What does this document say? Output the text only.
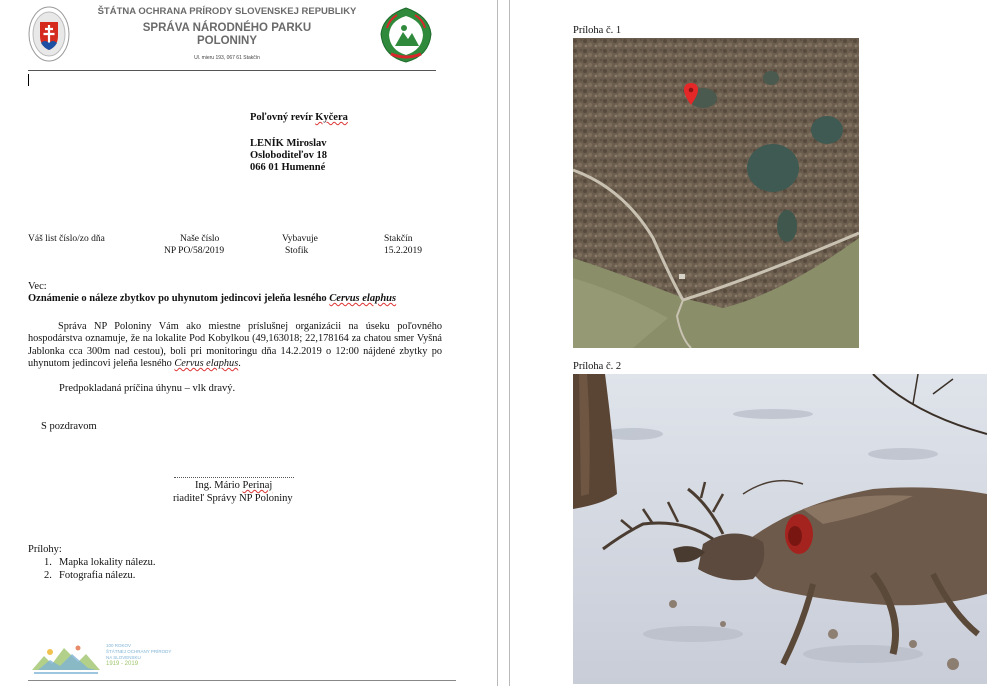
ŠTÁTNA OCHRANA PRÍRODY SLOVENSKEJ REPUBLIKY
SPRÁVA NÁRODNÉHO PARKU
POLONINY
Ul. mieru 193, 067 61 Stakčín
Poľovný revír Kyčera
LENÍK Miroslav
Osloboditeľov 18
066 01 Humenné
Váš list číslo/zo dňa	Naše číslo
NP PO/58/2019
Vybavuje
Stofik
Stakčín
15.2.2019
Vec:
Oznámenie o náleze zbytkov po uhynutom jedincovi jeleňa lesného Cervus elaphus
Správa NP Poloniny Vám ako miestne príslušnej organizácii na úseku poľovného hospodárstva oznamuje, že na lokalite Pod Kobylkou (49,163018; 22,178164 za chatou smer Vyšná Jablonka cca 300m nad cestou), boli pri monitoringu dňa 14.2.2019 o 12:00 nájdené zbytky po uhynutom jedincovi jeleňa lesného Cervus elaphus.
Predpokladaná príčina úhynu – vlk dravý.
S pozdravom
Ing. Mário Perinaj
riaditeľ Správy NP Poloniny
Prílohy:
1. Mapka lokality nálezu.
2. Fotografia nálezu.
100 ROKOV
ŠTÁTNEJ OCHRANY PRÍRODY
NA SLOVENSKU
1919 - 2019
Príloha č. 1
Príloha č. 2
